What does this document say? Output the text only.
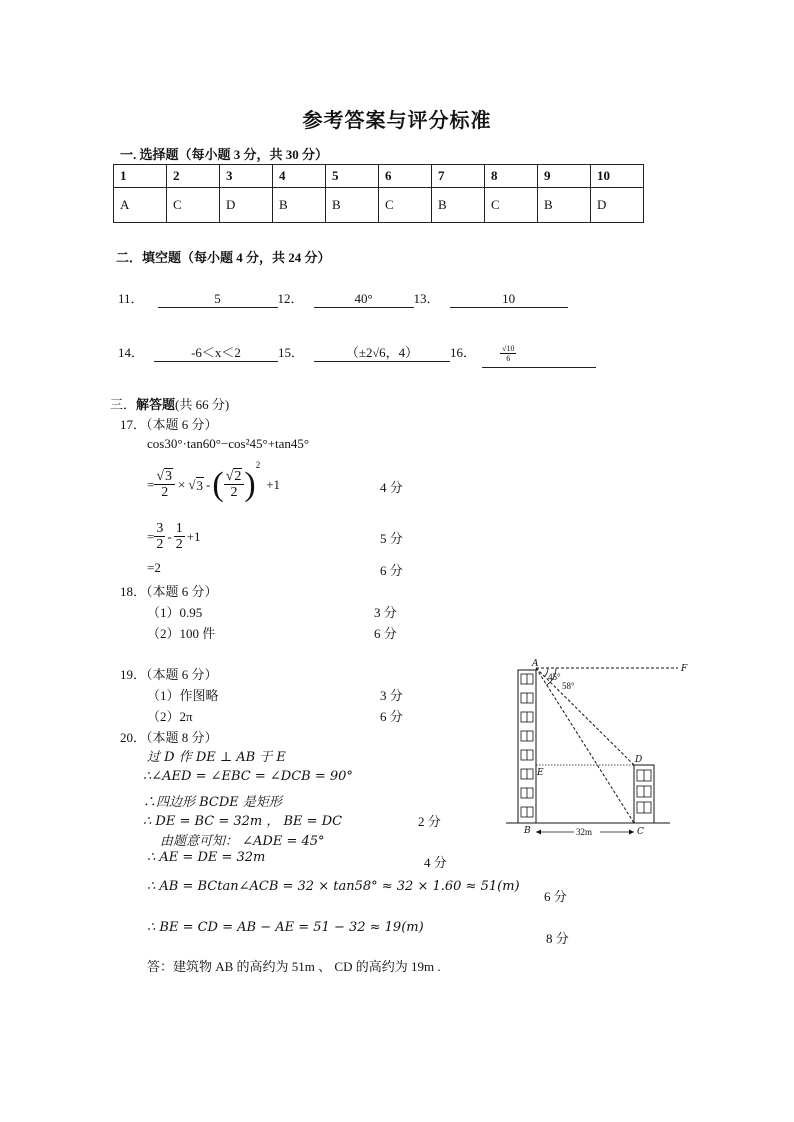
参考答案与评分标准
一. 选择题（每小题 3 分，共 30 分）
1	2	3	4	5	6	7	8	9	10
A	C	D	B	B	C	B	C	B	D
二．填空题（每小题 4 分，共 24 分）
11．	5	12．	40°	13．	10
14．	-6＜x＜2	15．	（±2√6，4） 16．	$\frac{√10}{6}$
三．解答题(共 66 分)
17．（本题 6 分）
cos30°·tan60°−cos²45°+tan45°
= $\frac{√3}{2}$ × √ 3 - ( $\frac{√2}{2}$ )
2
+1	4 分
= $\frac{3}{2} - \frac{1}{2} +1$	5 分
=2	6 分
18．（本题 6 分）
（1）0.95	3 分
（2）100 件	6 分
19．（本题 6 分）
（1）作图略	3 分
（2）2π	6 分
20．（本题 8 分）
过 D 作 DE ⊥ AB 于 E
∴∠AED = ∠EBC = ∠DCB = 90°
∴四边形 BCDE 是矩形
∴ DE = BC = 32m ， BE = DC	2 分
由题意可知： ∠ADE = 45°
∴ AE = DE = 32m	4 分
∴ AB = BCtan∠ACB = 32 × tan58° ≈ 32 × 1.60 ≈ 51(m)
6 分
∴ BE = CD = AB − AE = 51 − 32 ≈ 19(m)
8 分
答：建筑物 AB 的高约为 51m 、 CD 的高约为 19m .
A	F
E
D
B	C
45°
58°
32m
